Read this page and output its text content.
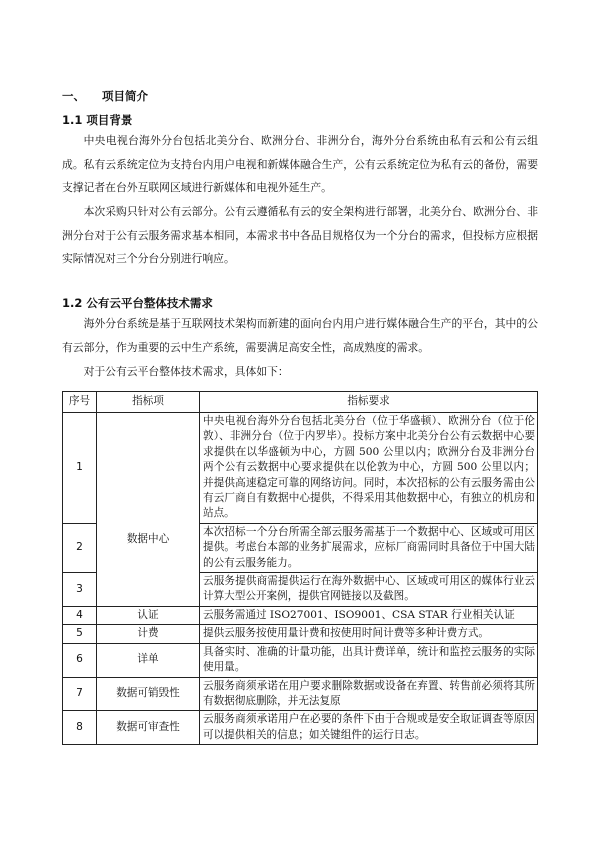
一、 项目简介
1.1 项目背景

中央电视台海外分台包括北美分台、欧洲分台、非洲分台，海外分台系统由私有云和公有云组成。私有云系统定位为支持台内用户电视和新媒体融合生产，公有云系统定位为私有云的备份，需要支撑记者在台外互联网区域进行新媒体和电视外延生产。

本次采购只针对公有云部分。公有云遵循私有云的安全架构进行部署，北美分台、欧洲分台、非洲分台对于公有云服务需求基本相同，本需求书中各品目规格仅为一个分台的需求，但投标方应根据实际情况对三个分台分别进行响应。

1.2 公有云平台整体技术需求

海外分台系统是基于互联网技术架构而新建的面向台内用户进行媒体融合生产的平台，其中的公有云部分，作为重要的云中生产系统，需要满足高安全性，高成熟度的需求。

对于公有云平台整体技术需求，具体如下：

序号	指标项	指标要求
1	数据中心	中央电视台海外分台包括北美分台（位于华盛顿）、欧洲分台（位于伦敦）、非洲分台（位于内罗毕）。投标方案中北美分台公有云数据中心要求提供在以华盛顿为中心，方圆 500 公里以内；欧洲分台及非洲分台两个公有云数据中心要求提供在以伦敦为中心，方圆 500 公里以内；并提供高速稳定可靠的网络访问。同时，本次招标的公有云服务需由公有云厂商自有数据中心提供，不得采用其他数据中心，有独立的机房和站点。
2		本次招标一个分台所需全部云服务需基于一个数据中心、区域或可用区提供。考虑台本部的业务扩展需求，应标厂商需同时具备位于中国大陆的公有云服务能力。
3		云服务提供商需提供运行在海外数据中心、区域或可用区的媒体行业云计算大型公开案例，提供官网链接以及截图。
4	认证	云服务需通过 ISO27001、ISO9001、CSA STAR 行业相关认证
5	计费	提供云服务按使用量计费和按使用时间计费等多种计费方式。
6	详单	具备实时、准确的计量功能，出具计费详单，统计和监控云服务的实际使用量。
7	数据可销毁性	云服务商须承诺在用户要求删除数据或设备在弃置、转售前必须将其所有数据彻底删除，并无法复原
8	数据可审查性	云服务商须承诺用户在必要的条件下由于合规或是安全取证调查等原因可以提供相关的信息；如关键组件的运行日志。
